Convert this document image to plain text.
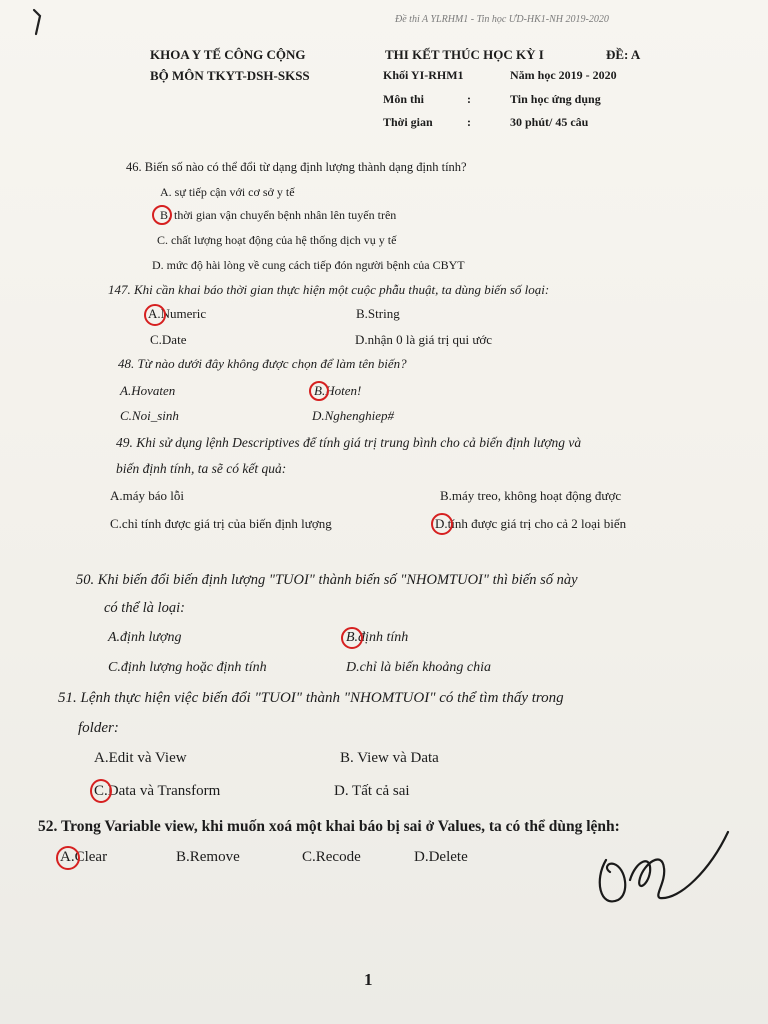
Đề thi A YLRHM1 - Tin học ƯD-HK1-NH 2019-2020
KHOA Y TẾ CÔNG CỘNG
BỘ MÔN TKYT-DSH-SKSS
THI KẾT THÚC HỌC KỲ I	ĐỀ: A
Khối YI-RHM1	Năm học 2019 - 2020
Môn thi	:	Tin học ứng dụng
Thời gian	:	30 phút/ 45 câu
46. Biến số nào có thể đổi từ dạng định lượng thành dạng định tính?
A. sự tiếp cận với cơ sở y tế
B. thời gian vận chuyển bệnh nhân lên tuyến trên
C. chất lượng hoạt động của hệ thống dịch vụ y tế
D. mức độ hài lòng về cung cách tiếp đón người bệnh của CBYT
147. Khi cần khai báo thời gian thực hiện một cuộc phẫu thuật, ta dùng biến số loại:
A.Numeric	B.String
C.Date	D.nhận 0 là giá trị qui ước
48. Từ nào dưới đây không được chọn để làm tên biến?
A.Hovaten	B.Hoten!
C.Noi_sinh	D.Nghenghiep#
49. Khi sử dụng lệnh Descriptives để tính giá trị trung bình cho cả biến định lượng và
biến định tính, ta sẽ có kết quả:
A.máy báo lỗi	B.máy treo, không hoạt động được
C.chỉ tính được giá trị của biến định lượng	D.tính được giá trị cho cả 2 loại biến
50. Khi biến đổi biến định lượng "TUOI" thành biến số "NHOMTUOI" thì biến số này
có thể là loại:
A.định lượng	B.định tính
C.định lượng hoặc định tính	D.chỉ là biến khoảng chia
51. Lệnh thực hiện việc biến đổi "TUOI" thành "NHOMTUOI" có thể tìm thấy trong
folder:
A.Edit và View	B. View và Data
C.Data và Transform	D. Tất cả sai
52. Trong Variable view, khi muốn xoá một khai báo bị sai ở Values, ta có thể dùng lệnh:
A.Clear	B.Remove	C.Recode	D.Delete
1
